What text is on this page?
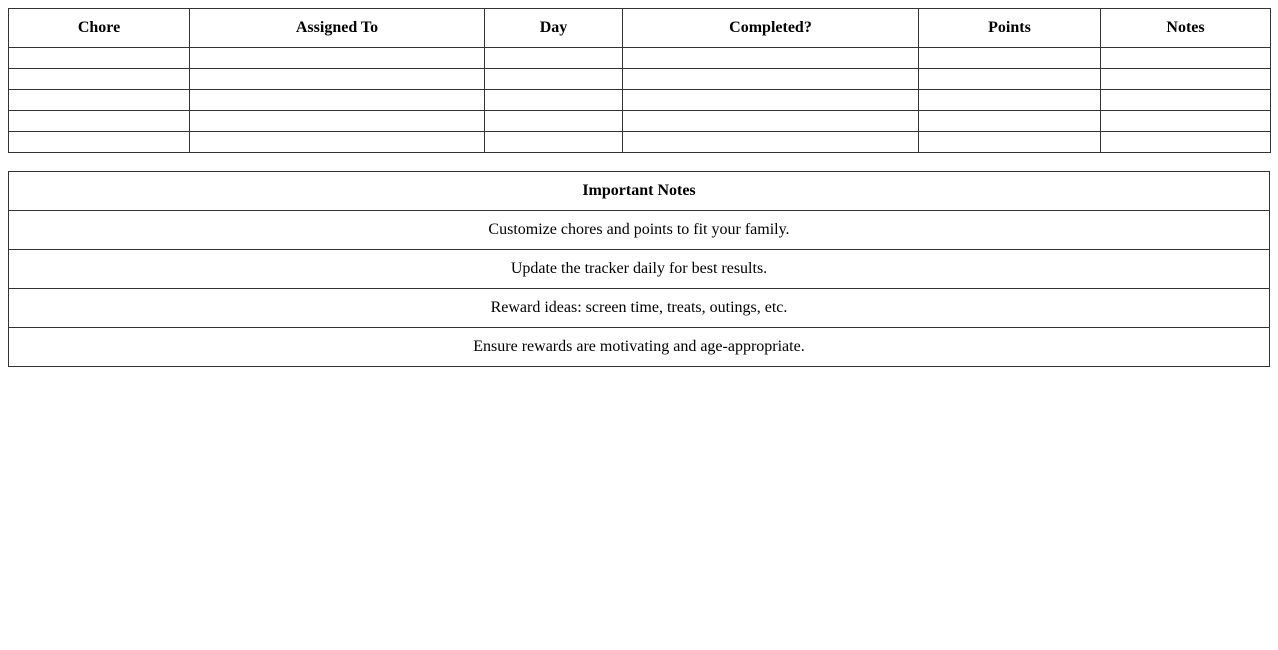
Chore	Assigned To	Day	Completed?	Points	Notes

Important Notes
Customize chores and points to fit your family.
Update the tracker daily for best results.
Reward ideas: screen time, treats, outings, etc.
Ensure rewards are motivating and age-appropriate.
